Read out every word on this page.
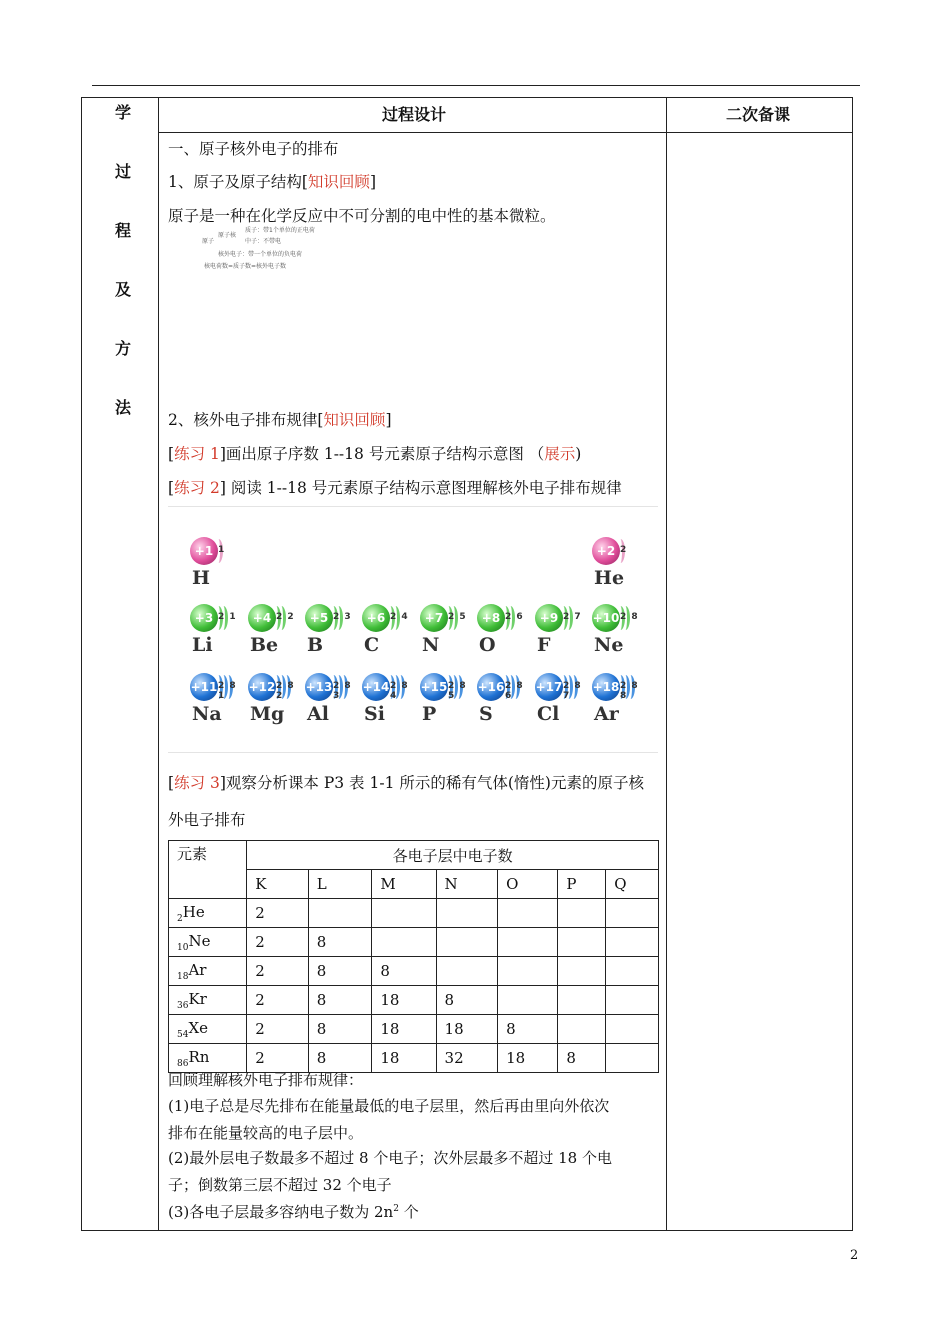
过程设计	二次备课
学
过
程
及
方
法
一、原子核外电子的排布
1、原子及原子结构[知识回顾]
原子是一种在化学反应中不可分割的电中性的基本微粒。
质子：带1个单位的正电荷
原子核
原子	中子：不带电
核外电子：带一个单位的负电荷
核电荷数=质子数=核外电子数
2、核外电子排布规律[知识回顾]
[练习 1]画出原子序数 1--18 号元素原子结构示意图 （展示)
[练习 2] 阅读 1--18 号元素原子结构示意图理解核外电子排布规律
+1 1
H
+2 2
He
+3 2 1
Li
+4 2 2
Be
+5 2 3
B
+6 2 4
C
+7 2 5
N
+8 2 6
O
+9 2 7
F
+10 2 8
Ne
+11 2 8 1
Na
+12 2 8 2
Mg
+13 2 8 3
Al
+14 2 8 4
Si
+15 2 8 5
P
+16 2 8 6
S
+17 2 8 7
Cl
+18 2 8 8
Ar
[练习 3]观察分析课本 P3 表 1-1 所示的稀有气体(惰性)元素的原子核
外电子排布
元素	各电子层中电子数						
	K	L	M	N	O	P	Q
$_2$He	2						
$_{10}$Ne	2	8					
$_{18}$Ar	2	8	8				
$_{36}$Kr	2	8	18	8			
$_{54}$Xe	2	8	18	18	8		
$_{86}$Rn	2	8	18	32	18	8	
回顾理解核外电子排布规律：
(1)电子总是尽先排布在能量最低的电子层里，然后再由里向外依次
排布在能量较高的电子层中。
(2)最外层电子数最多不超过 8 个电子；次外层最多不超过 18 个电
子；倒数第三层不超过 32 个电子
(3)各电子层最多容纳电子数为 $2n^2$ 个
2
